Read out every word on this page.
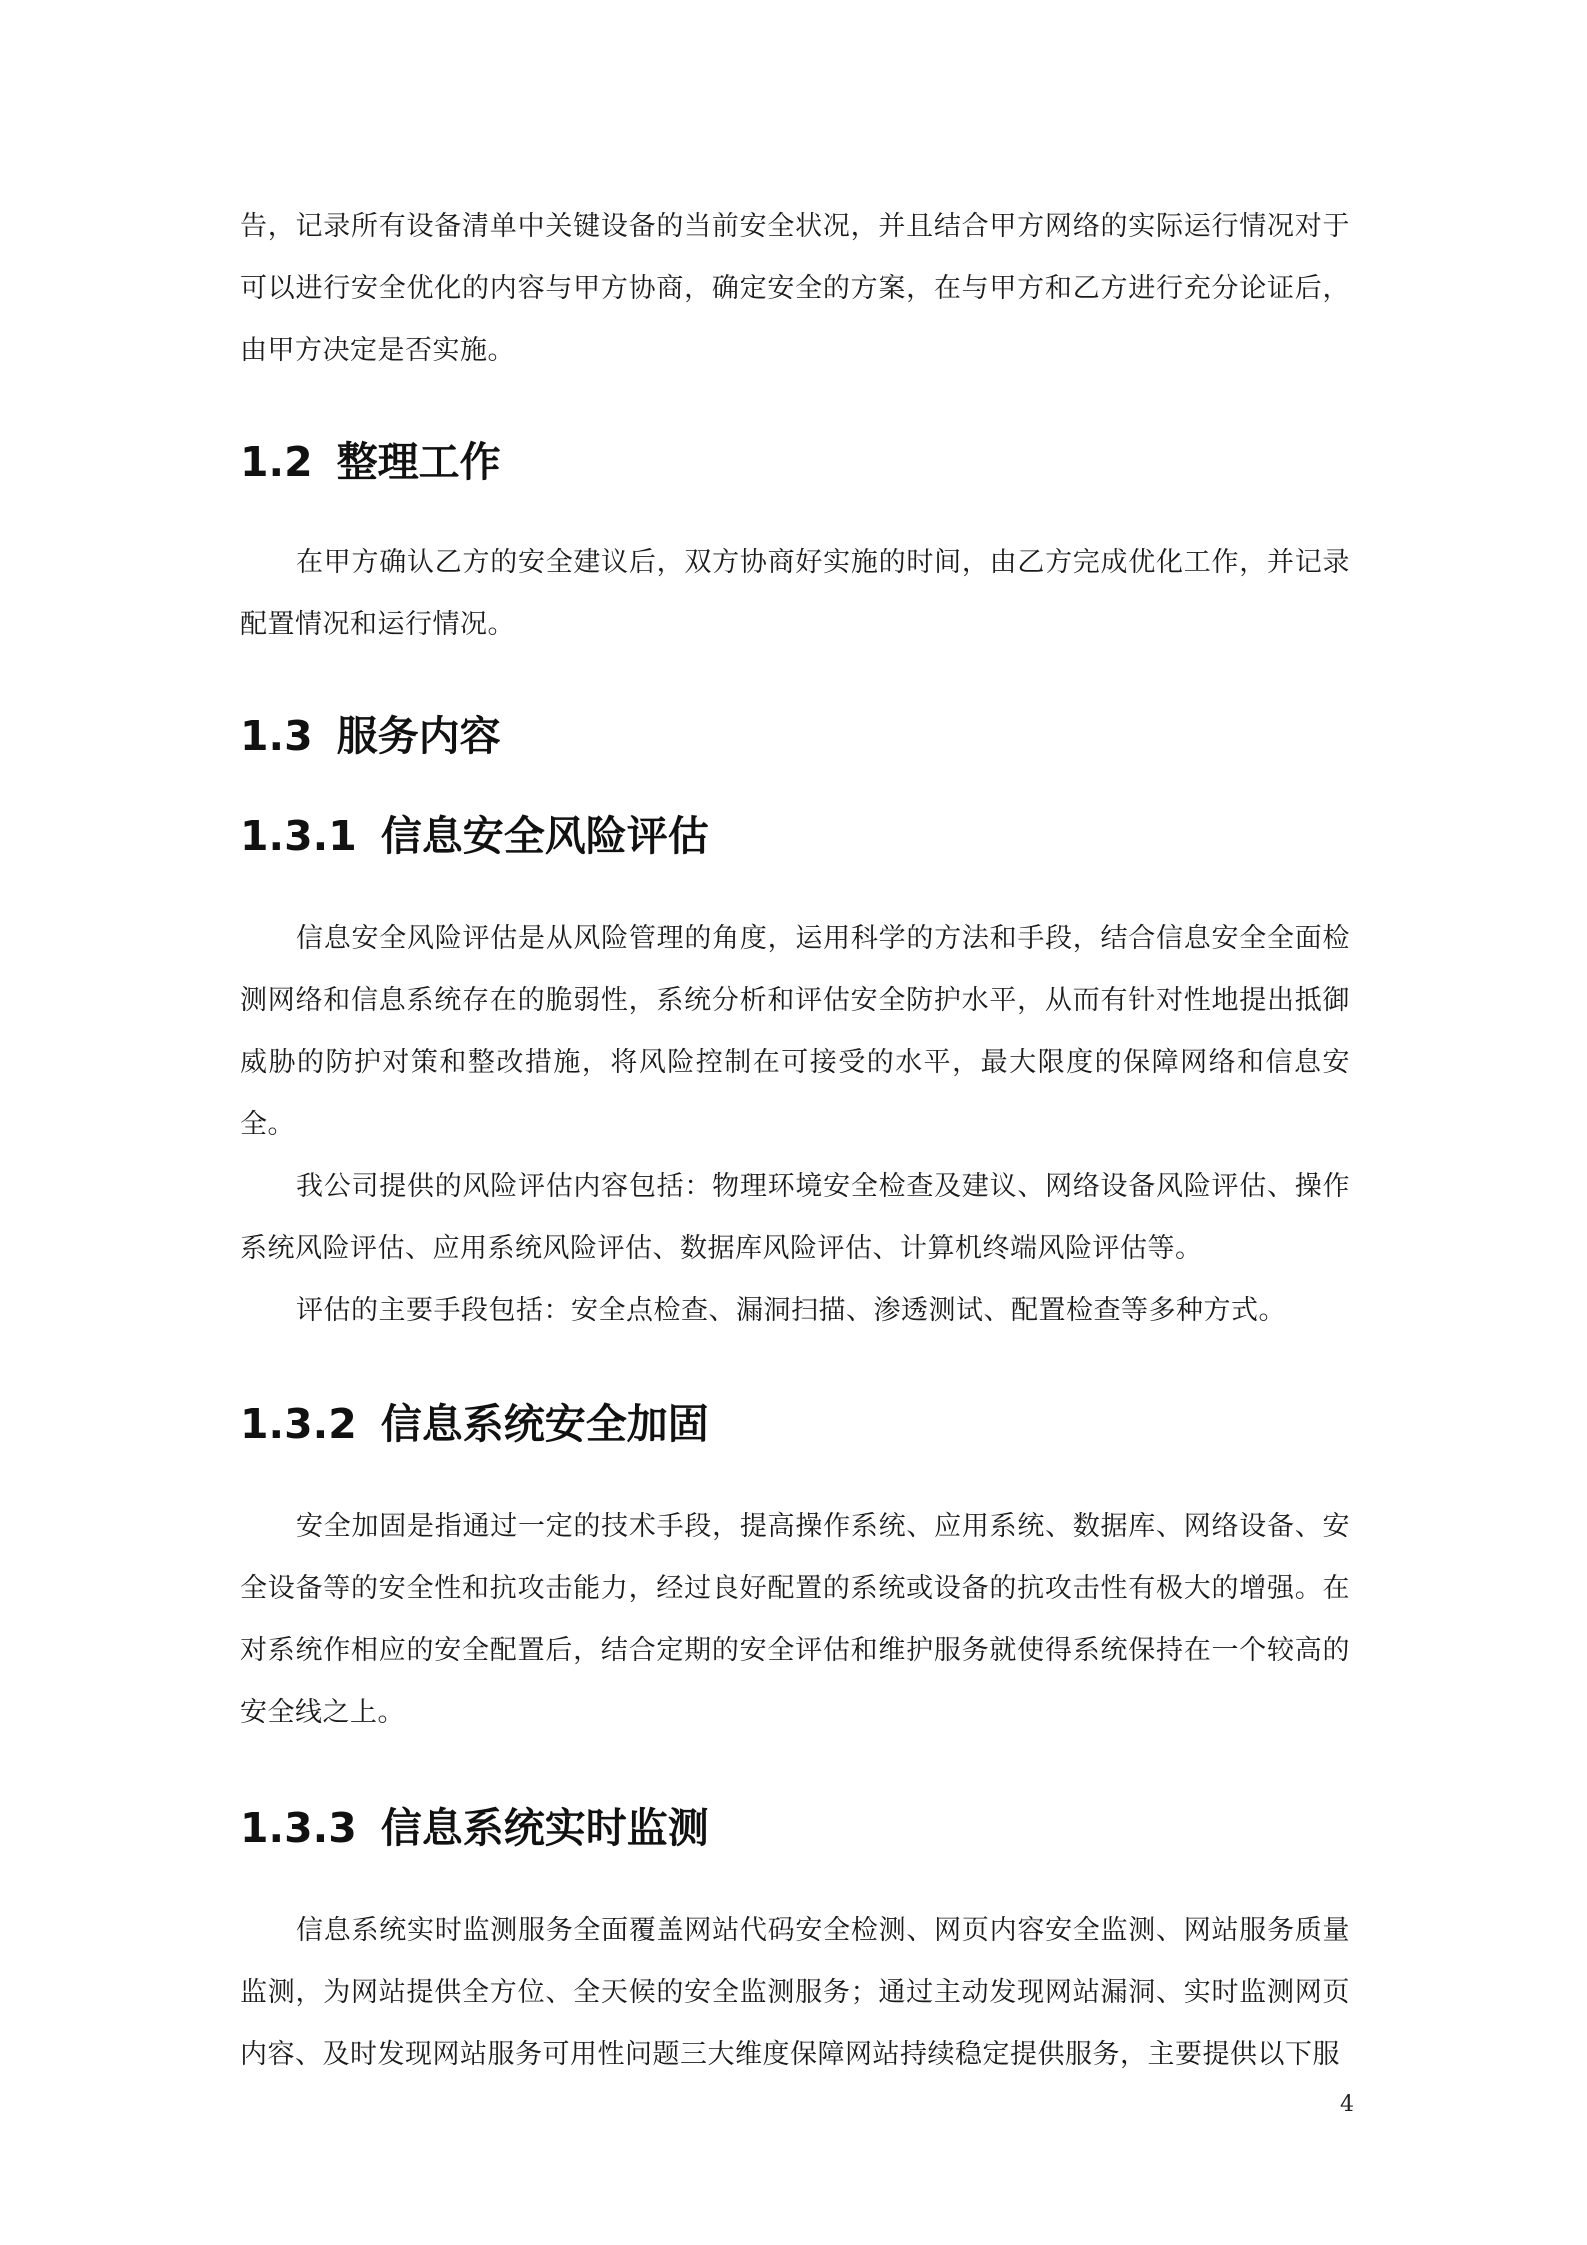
告，记录所有设备清单中关键设备的当前安全状况，并且结合甲方网络的实际运行情况对于可以进行安全优化的内容与甲方协商，确定安全的方案，在与甲方和乙方进行充分论证后，由甲方决定是否实施。

1.2 整理工作

在甲方确认乙方的安全建议后，双方协商好实施的时间，由乙方完成优化工作，并记录配置情况和运行情况。

1.3 服务内容
1.3.1 信息安全风险评估

信息安全风险评估是从风险管理的角度，运用科学的方法和手段，结合信息安全全面检测网络和信息系统存在的脆弱性，系统分析和评估安全防护水平，从而有针对性地提出抵御威胁的防护对策和整改措施，将风险控制在可接受的水平，最大限度的保障网络和信息安全。

我公司提供的风险评估内容包括：物理环境安全检查及建议、网络设备风险评估、操作系统风险评估、应用系统风险评估、数据库风险评估、计算机终端风险评估等。

评估的主要手段包括：安全点检查、漏洞扫描、渗透测试、配置检查等多种方式。

1.3.2 信息系统安全加固

安全加固是指通过一定的技术手段，提高操作系统、应用系统、数据库、网络设备、安全设备等的安全性和抗攻击能力，经过良好配置的系统或设备的抗攻击性有极大的增强。在对系统作相应的安全配置后，结合定期的安全评估和维护服务就使得系统保持在一个较高的安全线之上。

1.3.3 信息系统实时监测

信息系统实时监测服务全面覆盖网站代码安全检测、网页内容安全监测、网站服务质量监测，为网站提供全方位、全天候的安全监测服务；通过主动发现网站漏洞、实时监测网页内容、及时发现网站服务可用性问题三大维度保障网站持续稳定提供服务，主要提供以下服

4
